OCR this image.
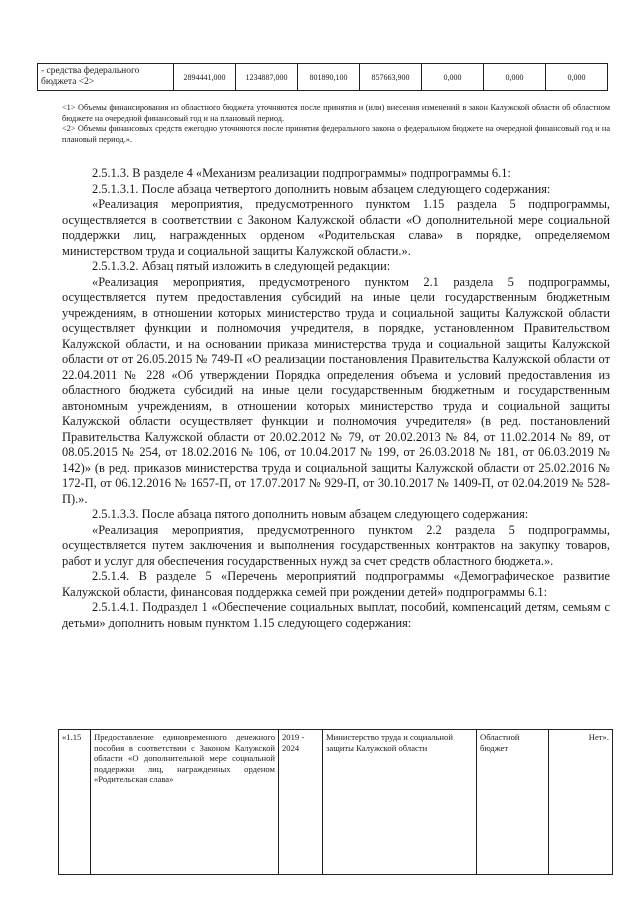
- средства федерального бюджета <2>	2894441,000	1234887,000	801890,100	857663,900	0,000	0,000	0,000

<1> Объемы финансирования из областного бюджета уточняются после принятия и (или) внесения изменений в закон Калужской области об областном бюджете на очередной финансовый год и на плановый период.

<2> Объемы финансовых средств ежегодно уточняются после принятия федерального закона о федеральном бюджете на очередной финансовый год и на плановый период.».

2.5.1.3. В разделе 4 «Механизм реализации подпрограммы» подпрограммы 6.1:

2.5.1.3.1. После абзаца четвертого дополнить новым абзацем следующего содержания:

«Реализация мероприятия, предусмотренного пунктом 1.15 раздела 5 подпрограммы, осуществляется в соответствии с Законом Калужской области «О дополнительной мере социальной поддержки лиц, награжденных орденом «Родительская слава» в порядке, определяемом министерством труда и социальной защиты Калужской области.».

2.5.1.3.2. Абзац пятый изложить в следующей редакции:

«Реализация мероприятия, предусмотреного пунктом 2.1 раздела 5 подпрограммы, осуществляется путем предоставления субсидий на иные цели государственным бюджетным учреждениям, в отношении которых министерство труда и социальной защиты Калужской области осуществляет функции и полномочия учредителя, в порядке, установленном Правительством Калужской области, и на основании приказа министерства труда и социальной защиты Калужской области от от 26.05.2015 № 749-П «О реализации постановления Правительства Калужской области от 22.04.2011 № 228 «Об утверждении Порядка определения объема и условий предоставления из областного бюджета субсидий на иные цели государственным бюджетным и государственным автономным учреждениям, в отношении которых министерство труда и социальной защиты Калужской области осуществляет функции и полномочия учредителя» (в ред. постановлений Правительства Калужской области от 20.02.2012 № 79, от 20.02.2013 № 84, от 11.02.2014 № 89, от 08.05.2015 № 254, от 18.02.2016 № 106, от 10.04.2017 № 199, от 26.03.2018 № 181, от 06.03.2019 № 142)» (в ред. приказов министерства труда и социальной защиты Калужской области от 25.02.2016 № 172-П, от 06.12.2016 № 1657-П, от 17.07.2017 № 929-П, от 30.10.2017 № 1409-П, от 02.04.2019 № 528-П).».

2.5.1.3.3. После абзаца пятого дополнить новым абзацем следующего содержания:

«Реализация мероприятия, предусмотренного пунктом 2.2 раздела 5 подпрограммы, осуществляется путем заключения и выполнения государственных контрактов на закупку товаров, работ и услуг для обеспечения государственных нужд за счет средств областного бюджета.».

2.5.1.4. В разделе 5 «Перечень мероприятий подпрограммы «Демографическое развитие Калужской области, финансовая поддержка семей при рождении детей» подпрограммы 6.1:

2.5.1.4.1. Подраздел 1 «Обеспечение социальных выплат, пособий, компенсаций детям, семьям с детьми» дополнить новым пунктом 1.15 следующего содержания:

«1.15	Предоставление единовременного денежного пособия в соответствии с Законом Калужской области «О дополнительной мере социальной поддержки лиц, награжденных орденом «Родительская слава»	2019 - 2024	Министерство труда и социальной защиты Калужской области	Областной бюджет	Нет».
